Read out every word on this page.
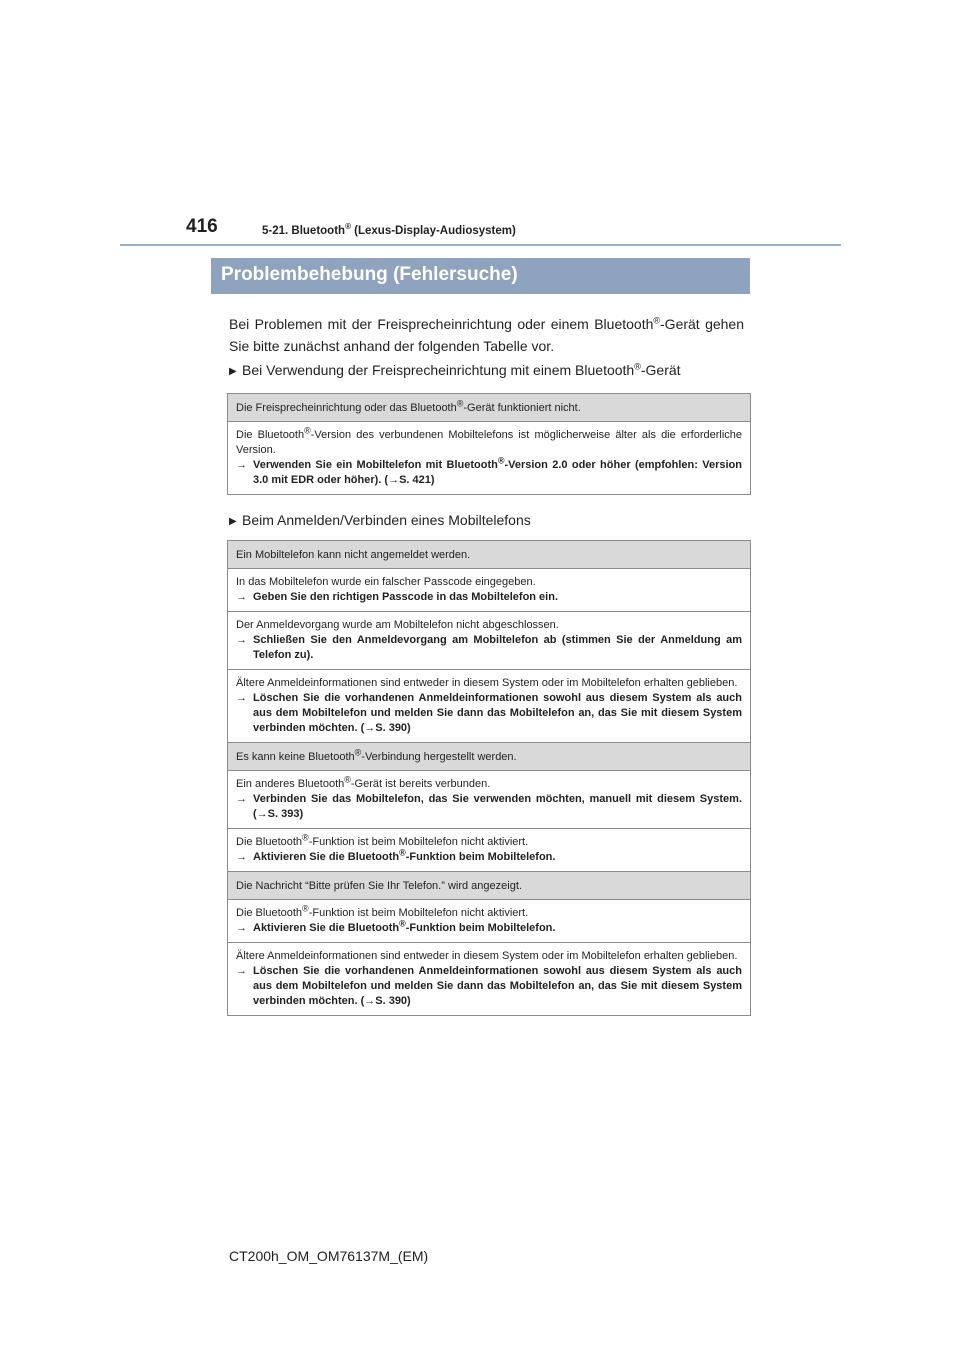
416	5-21. Bluetooth® (Lexus-Display-Audiosystem)
Problembehebung (Fehlersuche)
Bei Problemen mit der Freisprecheinrichtung oder einem Bluetooth®-Gerät gehen Sie bitte zunächst anhand der folgenden Tabelle vor.
▶ Bei Verwendung der Freisprecheinrichtung mit einem Bluetooth®-Gerät
Die Freisprecheinrichtung oder das Bluetooth®-Gerät funktioniert nicht.
Die Bluetooth®-Version des verbundenen Mobiltelefons ist möglicherweise älter als die erforderliche Version.
→ Verwenden Sie ein Mobiltelefon mit Bluetooth®-Version 2.0 oder höher (empfohlen: Version 3.0 mit EDR oder höher). (→S. 421)
▶ Beim Anmelden/Verbinden eines Mobiltelefons
Ein Mobiltelefon kann nicht angemeldet werden.
In das Mobiltelefon wurde ein falscher Passcode eingegeben.
→ Geben Sie den richtigen Passcode in das Mobiltelefon ein.
Der Anmeldevorgang wurde am Mobiltelefon nicht abgeschlossen.
→ Schließen Sie den Anmeldevorgang am Mobiltelefon ab (stimmen Sie der Anmeldung am Telefon zu).
Ältere Anmeldeinformationen sind entweder in diesem System oder im Mobiltelefon erhalten geblieben.
→ Löschen Sie die vorhandenen Anmeldeinformationen sowohl aus diesem System als auch aus dem Mobiltelefon und melden Sie dann das Mobiltelefon an, das Sie mit diesem System verbinden möchten. (→S. 390)
Es kann keine Bluetooth®-Verbindung hergestellt werden.
Ein anderes Bluetooth®-Gerät ist bereits verbunden.
→ Verbinden Sie das Mobiltelefon, das Sie verwenden möchten, manuell mit diesem System. (→S. 393)
Die Bluetooth®-Funktion ist beim Mobiltelefon nicht aktiviert.
→ Aktivieren Sie die Bluetooth®-Funktion beim Mobiltelefon.
Die Nachricht “Bitte prüfen Sie Ihr Telefon.” wird angezeigt.
Die Bluetooth®-Funktion ist beim Mobiltelefon nicht aktiviert.
→ Aktivieren Sie die Bluetooth®-Funktion beim Mobiltelefon.
Ältere Anmeldeinformationen sind entweder in diesem System oder im Mobiltelefon erhalten geblieben.
→ Löschen Sie die vorhandenen Anmeldeinformationen sowohl aus diesem System als auch aus dem Mobiltelefon und melden Sie dann das Mobiltelefon an, das Sie mit diesem System verbinden möchten. (→S. 390)
CT200h_OM_OM76137M_(EM)
